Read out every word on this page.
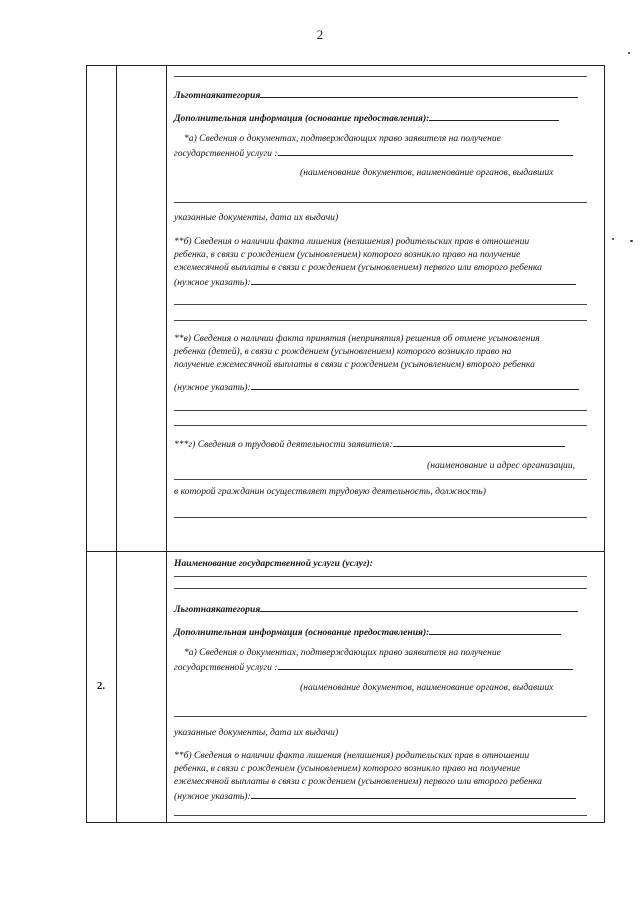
2
Льготнаякатегория
Дополнительная информация (основание предоставления):
*а) Сведения о документах, подтверждающих право заявителя на получение
государственной услуги :
(наименование документов, наименование органов, выдавших
указанные документы, дата их выдачи)
**б) Сведения о наличии факта лишения (нелишения) родительских прав в отношении
ребенка, в связи с рождением (усыновлением) которого возникло право на получение
ежемесячной выплаты в связи с рождением (усыновлением) первого или второго ребенка
(нужное указать):
**в) Сведения о наличии факта принятия (непринятия) решения об отмене усыновления
ребенка (детей), в связи с рождением (усыновлением) которого возникло право на
получение ежемесячной выплаты в связи с рождением (усыновлением) второго ребенка
(нужное указать):
***г) Сведения о трудовой деятельности заявителя:
(наименование и адрес организации,
в которой гражданин осуществляет трудовую деятельность, должность)
2.
Наименование государственной услуги (услуг):
Льготнаякатегория
Дополнительная информация (основание предоставления):
*а) Сведения о документах, подтверждающих право заявителя на получение
государственной услуги :
(наименование документов, наименование органов, выдавших
указанные документы, дата их выдачи)
**б) Сведения о наличии факта лишения (нелишения) родительских прав в отношении
ребенка, в связи с рождением (усыновлением) которого возникло право на получение
ежемесячной выплаты в связи с рождением (усыновлением) первого или второго ребенка
(нужное указать):
